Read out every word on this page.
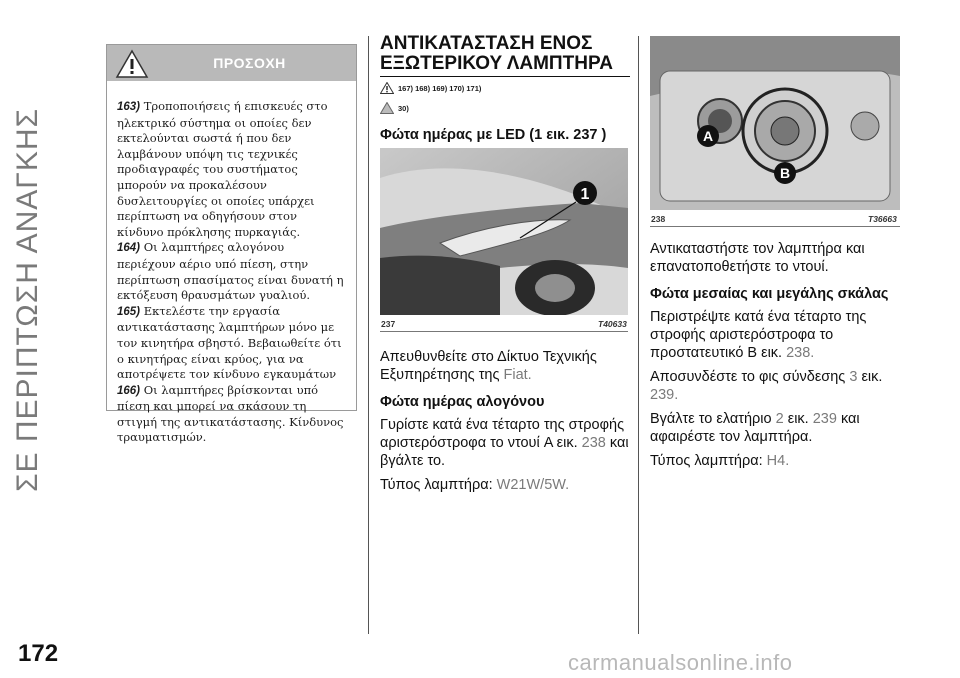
ΣΕ ΠΕΡΙΠΤΩΣΗ ΑΝΑΓΚΗΣ
ΠΡΟΣΟΧΗ

163) Τροποποιήσεις ή επισκευές στο ηλεκτρικό σύστημα οι οποίες δεν εκτελούνται σωστά ή που δεν λαμβάνουν υπόψη τις τεχνικές προδιαγραφές του συστήματος μπορούν να προκαλέσουν δυσλειτουργίες οι οποίες υπάρχει περίπτωση να οδηγήσουν στον κίνδυνο πρόκλησης πυρκαγιάς.

164) Οι λαμπτήρες αλογόνου περιέχουν αέριο υπό πίεση, στην περίπτωση σπασίματος είναι δυνατή η εκτόξευση θραυσμάτων γυαλιού.

165) Εκτελέστε την εργασία αντικατάστασης λαμπτήρων μόνο με τον κινητήρα σβηστό. Βεβαιωθείτε ότι ο κινητήρας είναι κρύος, για να αποτρέψετε τον κίνδυνο εγκαυμάτων

166) Οι λαμπτήρες βρίσκονται υπό πίεση και μπορεί να σκάσουν τη στιγμή της αντικατάστασης. Κίνδυνος τραυματισμών.

ΑΝΤΙΚΑΤΑΣΤΑΣΗ ΕΝΟΣ
ΕΞΩΤΕΡΙΚΟΥ ΛΑΜΠΤΗΡΑ
167) 168) 169) 170) 171)
30)

Φώτα ημέρας με LED (1 εικ. 237 )

1
237	T40633

Απευθυνθείτε στο Δίκτυο Τεχνικής Εξυπηρέτησης της Fiat.

Φώτα ημέρας αλογόνου

Γυρίστε κατά ένα τέταρτο της στροφής αριστερόστροφα το ντουί A εικ. 238 και βγάλτε το.

Τύπος λαμπτήρα: W21W/5W.

A
B
238	T36663

Αντικαταστήστε τον λαμπτήρα και επανατοποθετήστε το ντουί.

Φώτα μεσαίας και μεγάλης σκάλας

Περιστρέψτε κατά ένα τέταρτο της στροφής αριστερόστροφα το προστατευτικό B εικ. 238.

Αποσυνδέστε το φις σύνδεσης 3 εικ. 239.

Βγάλτε το ελατήριο 2 εικ. 239 και αφαιρέστε τον λαμπτήρα.

Τύπος λαμπτήρα: H4.

172	carmanualsonline.info
